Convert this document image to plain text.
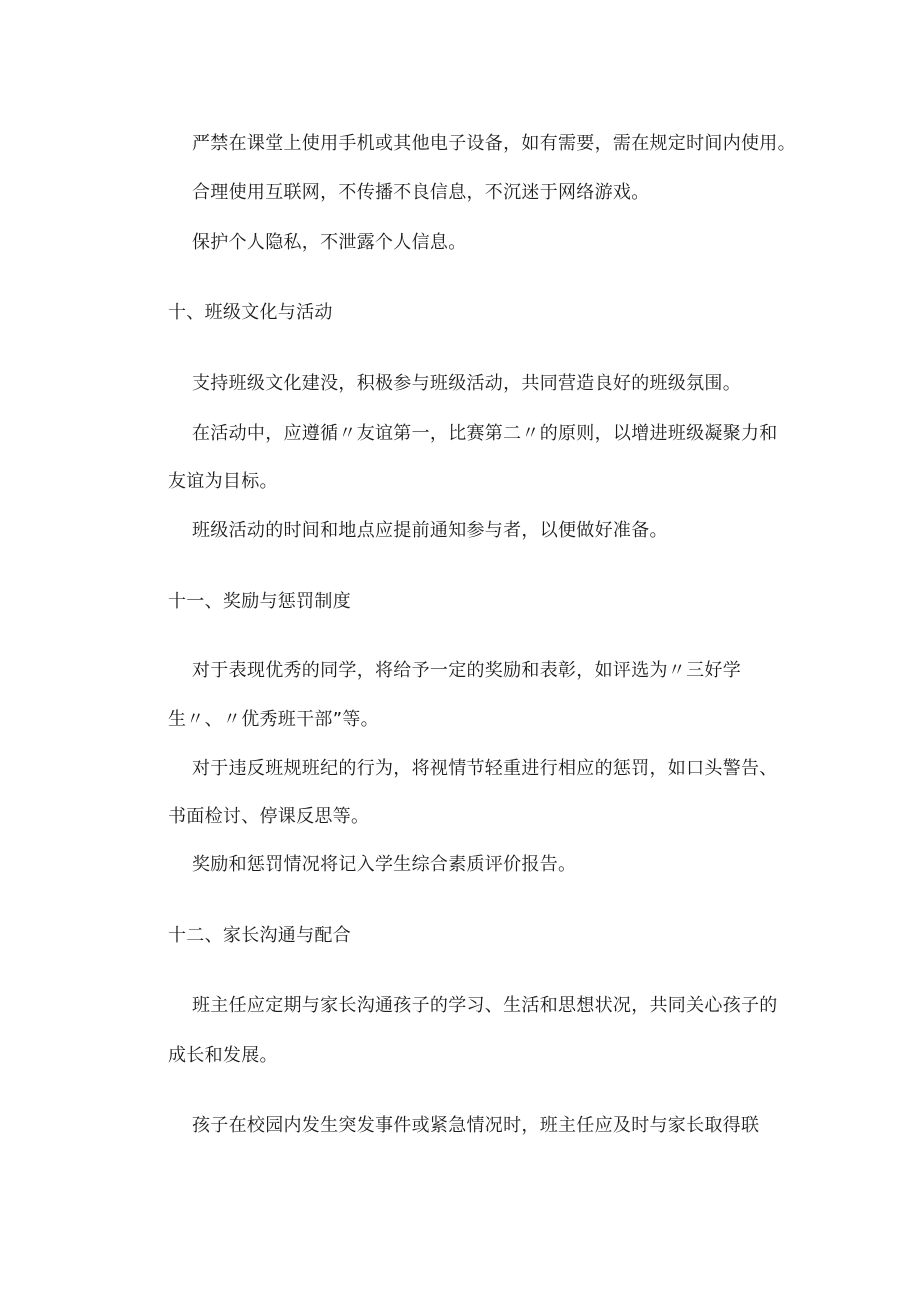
严禁在课堂上使用手机或其他电子设备，如有需要，需在规定时间内使用。
合理使用互联网，不传播不良信息，不沉迷于网络游戏。
保护个人隐私，不泄露个人信息。
十、班级文化与活动
支持班级文化建没，积极参与班级活动，共同营造良好的班级氛围。
在活动中，应遵循〃友谊第一，比赛第二〃的原则，以增进班级凝聚力和
友谊为目标。
班级活动的时间和地点应提前通知参与者，以便做好准备。
十一、奖励与惩罚制度
对于表现优秀的同学，将给予一定的奖励和表彰，如评选为〃三好学
生〃、〃优秀班干部”等。
对于违反班规班纪的行为，将视情节轻重进行相应的惩罚，如口头警告、
书面检讨、停课反思等。
奖励和惩罚情况将记入学生综合素质评价报告。
十二、家长沟通与配合
班主任应定期与家长沟通孩子的学习、生活和思想状况，共同关心孩子的
成长和发展。
孩子在校园内发生突发事件或紧急情况时，班主任应及时与家长取得联
